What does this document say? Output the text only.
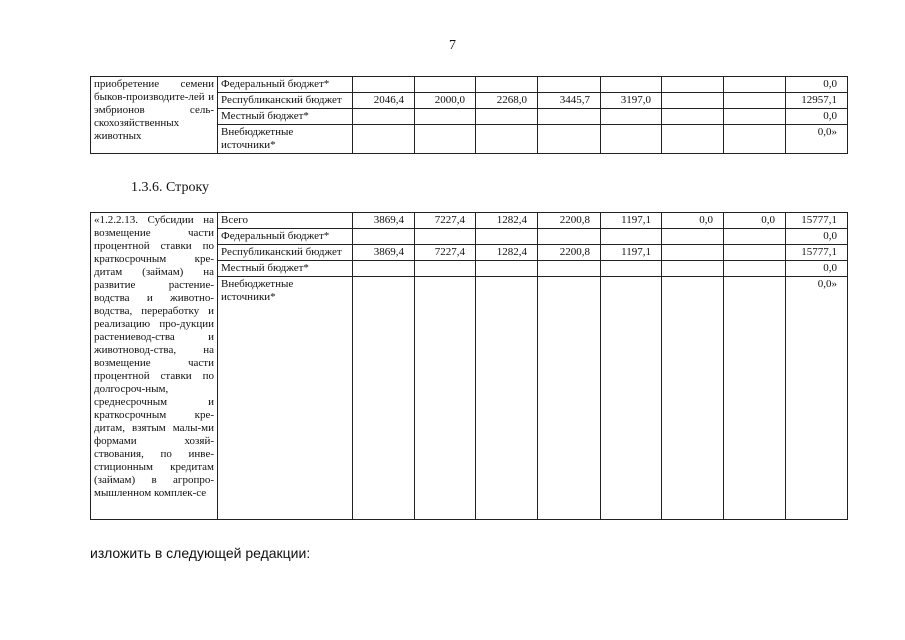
7
приобретение семени быков-производите-лей и эмбрионов сель-скохозяйственных животных	Федеральный бюджет*								0,0
	Республиканский бюджет	2046,4	2000,0	2268,0	3445,7	3197,0			12957,1
	Местный бюджет*								0,0
	Внебюджетные источники*								0,0»
1.3.6. Строку
«1.2.2.13. Субсидии на возмещение части процентной ставки по краткосрочным кре-дитам (займам) на развитие растение-водства и животно-водства, переработку и реализацию про-дукции растениевод-ства и животновод-ства, на возмещение части процентной ставки по долгосроч-ным, среднесрочным и краткосрочным кре-дитам, взятым малы-ми формами хозяй-ствования, по инве-стиционным кредитам (займам) в агропро-мышленном комплек-се	Всего	3869,4	7227,4	1282,4	2200,8	1197,1	0,0	0,0	15777,1
	Федеральный бюджет*								0,0
	Республиканский бюджет	3869,4	7227,4	1282,4	2200,8	1197,1			15777,1
	Местный бюджет*								0,0
	Внебюджетные источники*								0,0»
изложить в следующей редакции:
